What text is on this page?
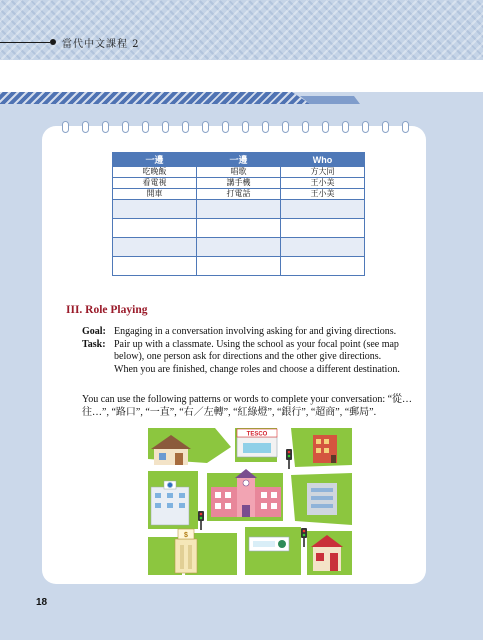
當代中文課程 2
一邊	一邊	Who
吃晚飯	唱歌	方大同
看電視	講手機	王小美
開車	打電話	王小美

III. Role Playing
Goal: Engaging in a conversation involving asking for and giving directions.
Task: Pair up with a classmate. Using the school as your focal point (see map
below), one person ask for directions and the other give directions.
When you are finished, change roles and choose a different destination.
You can use the following patterns or words to complete your conversation: “從…
往…”, “路口”, “一直”, “右／左轉”, “紅綠燈”, “銀行”, “超商”, “郵局”.
TESCO
$
18
